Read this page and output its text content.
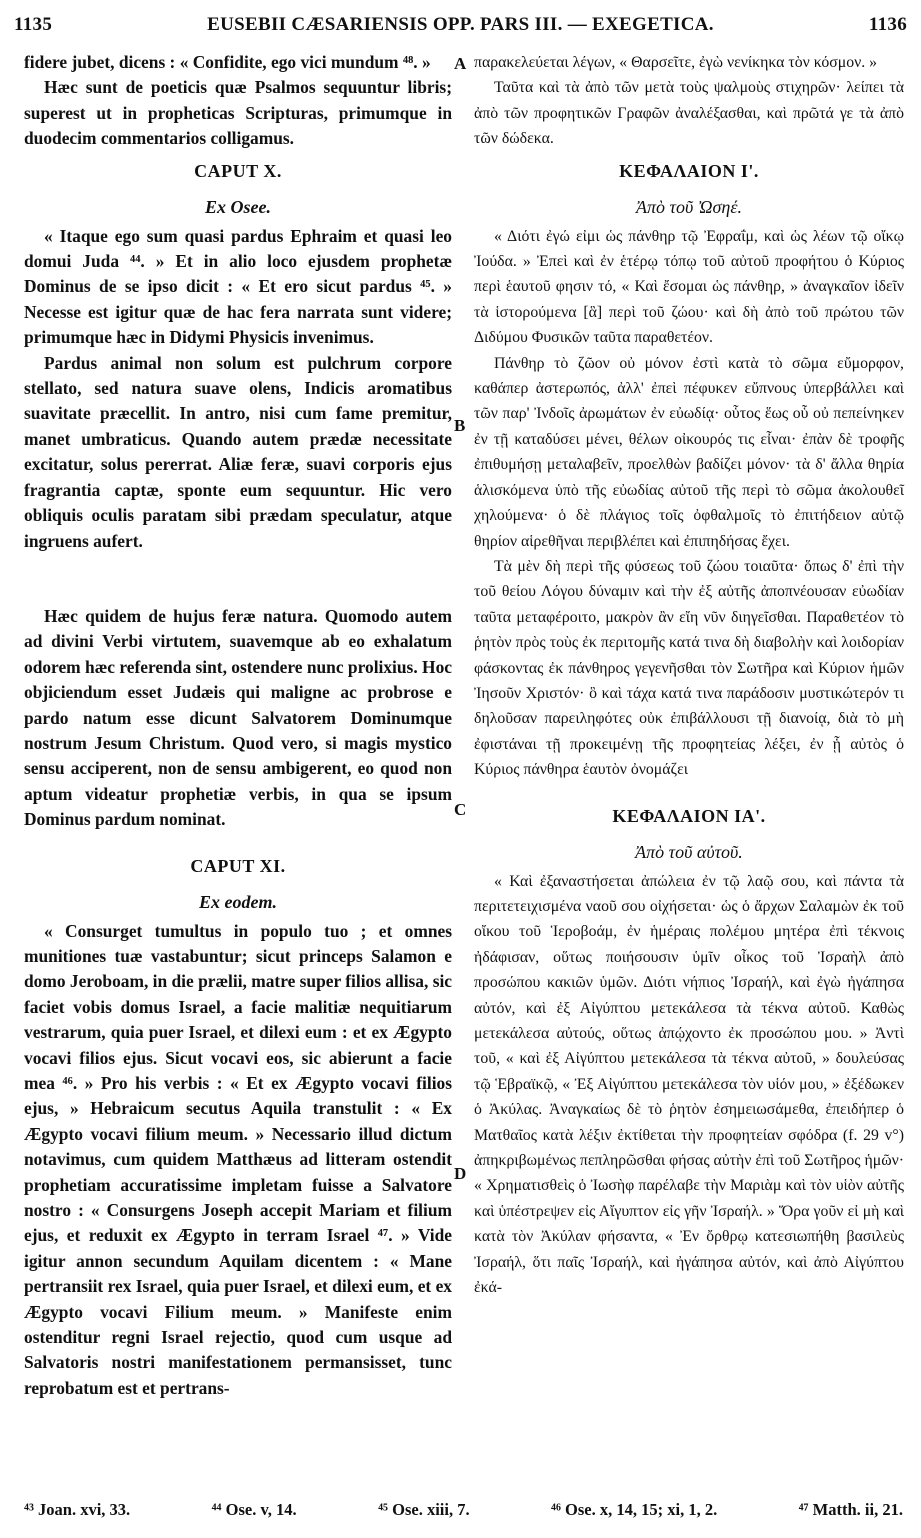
1135	EUSEBII CÆSARIENSIS OPP. PARS III. — EXEGETICA.	1136

fidere jubet, dicens : « Confidite, ego vici mundum ⁴⁸. »

Hæc sunt de poeticis quæ Psalmos sequuntur libris; superest ut in propheticas Scripturas, primumque in duodecim commentarios colligamus.

CAPUT X.
Ex Osee.

« Itaque ego sum quasi pardus Ephraim et quasi leo domui Juda ⁴⁴. » Et in alio loco ejusdem prophetæ Dominus de se ipso dicit : « Et ero sicut pardus ⁴⁵. » Necesse est igitur quæ de hac fera narrata sunt videre; primumque hæc in Didymi Physicis invenimus.

Pardus animal non solum est pulchrum corpore stellato, sed natura suave olens, Indicis aromatibus suavitate præcellit. In antro, nisi cum fame premitur, manet umbraticus. Quando autem prædæ necessitate excitatur, solus pererrat. Aliæ feræ, suavi corporis ejus fragrantia captæ, sponte eum sequuntur. Hic vero obliquis oculis paratam sibi prædam speculatur, atque ingruens aufert.

Hæc quidem de hujus feræ natura. Quomodo autem ad divini Verbi virtutem, suavemque ab eo exhalatum odorem hæc referenda sint, ostendere nunc prolixius. Hoc objiciendum esset Judæis qui maligne ac probrose e pardo natum esse dicunt Salvatorem Dominumque nostrum Jesum Christum. Quod vero, si magis mystico sensu acciperent, non de sensu ambigerent, eo quod non aptum videatur prophetiæ verbis, in qua se ipsum Dominus pardum nominat.

CAPUT XI.
Ex eodem.

« Consurget tumultus in populo tuo ; et omnes munitiones tuæ vastabuntur; sicut princeps Salamon e domo Jeroboam, in die prælii, matre super filios allisa, sic faciet vobis domus Israel, a facie malitiæ nequitiarum vestrarum, quia puer Israel, et dilexi eum : et ex Ægypto vocavi filios ejus. Sicut vocavi eos, sic abierunt a facie mea ⁴⁶. » Pro his verbis : « Et ex Ægypto vocavi filios ejus, » Hebraicum secutus Aquila transtulit : « Ex Ægypto vocavi filium meum. » Necessario illud dictum notavimus, cum quidem Matthæus ad litteram ostendit prophetiam accuratissime impletam fuisse a Salvatore nostro : « Consurgens Joseph accepit Mariam et filium ejus, et reduxit ex Ægypto in terram Israel ⁴⁷. » Vide igitur annon secundum Aquilam dicentem : « Mane pertransiit rex Israel, quia puer Israel, et dilexi eum, et ex Ægypto vocavi Filium meum. » Manifeste enim ostenditur regni Israel rejectio, quod cum usque ad Salvatoris nostri manifestationem permansisset, tunc reprobatum est et pertrans-

A
B
C
D

παρακελεύεται λέγων, « Θαρσεῖτε, ἐγὼ νενίκηκα τὸν κόσμον. »

Ταῦτα καὶ τὰ ἀπὸ τῶν μετὰ τοὺς ψαλμοὺς στιχηρῶν· λείπει τὰ ἀπὸ τῶν προφητικῶν Γραφῶν ἀναλέξασθαι, καὶ πρῶτά γε τὰ ἀπὸ τῶν δώδεκα.

ΚΕΦΑΛΑΙΟΝ Ι'.
Ἀπὸ τοῦ Ὠσηέ.

« Διότι ἐγώ εἰμι ὡς πάνθηρ τῷ Ἐφραΐμ, καὶ ὡς λέων τῷ οἴκῳ Ἰούδα. » Ἐπεὶ καὶ ἐν ἑτέρῳ τόπῳ τοῦ αὐτοῦ προφήτου ὁ Κύριος περὶ ἑαυτοῦ φησιν τό, « Καὶ ἔσομαι ὡς πάνθηρ, » ἀναγκαῖον ἰδεῖν τὰ ἱστορούμενα [ἃ] περὶ τοῦ ζώου· καὶ δὴ ἀπὸ τοῦ πρώτου τῶν Διδύμου Φυσικῶν ταῦτα παραθετέον.

Πάνθηρ τὸ ζῶον οὐ μόνον ἐστὶ κατὰ τὸ σῶμα εὔμορφον, καθάπερ ἀστερωπός, ἀλλ' ἐπεὶ πέφυκεν εὔπνους ὑπερβάλλει καὶ τῶν παρ' Ἰνδοῖς ἀρωμάτων ἐν εὐωδίᾳ· οὗτος ἕως οὗ οὐ πεπείνηκεν ἐν τῇ καταδύσει μένει, θέλων οἰκουρός τις εἶναι· ἐπὰν δὲ τροφῆς ἐπιθυμήσῃ μεταλαβεῖν, προελθὼν βαδίζει μόνον· τὰ δ' ἄλλα θηρία ἁλισκόμενα ὑπὸ τῆς εὐωδίας αὐτοῦ τῆς περὶ τὸ σῶμα ἀκολουθεῖ χηλούμενα· ὁ δὲ πλάγιος τοῖς ὀφθαλμοῖς τὸ ἐπιτήδειον αὐτῷ θηρίον αἱρεθῆναι περιβλέπει καὶ ἐπιπηδήσας ἔχει.

Τὰ μὲν δὴ περὶ τῆς φύσεως τοῦ ζώου τοιαῦτα· ὅπως δ' ἐπὶ τὴν τοῦ θείου Λόγου δύναμιν καὶ τὴν ἐξ αὐτῆς ἀποπνέουσαν εὐωδίαν ταῦτα μεταφέροιτο, μακρὸν ἂν εἴη νῦν διηγεῖσθαι. Παραθετέον τὸ ῥητὸν πρὸς τοὺς ἐκ περιτομῆς κατά τινα δὴ διαβολὴν καὶ λοιδορίαν φάσκοντας ἐκ πάνθηρος γεγενῆσθαι τὸν Σωτῆρα καὶ Κύριον ἡμῶν Ἰησοῦν Χριστόν· ὃ καὶ τάχα κατά τινα παράδοσιν μυστικώτερόν τι δηλοῦσαν παρειληφότες οὐκ ἐπιβάλλουσι τῇ διανοίᾳ, διὰ τὸ μὴ ἐφιστάναι τῇ προκειμένῃ τῆς προφητείας λέξει, ἐν ᾗ αὐτὸς ὁ Κύριος πάνθηρα ἑαυτὸν ὀνομάζει

ΚΕΦΑΛΑΙΟΝ ΙΑ'.
Ἀπὸ τοῦ αὐτοῦ.

« Καὶ ἐξαναστήσεται ἀπώλεια ἐν τῷ λαῷ σου, καὶ πάντα τὰ περιτετειχισμένα ναοῦ σου οἰχήσεται· ὡς ὁ ἄρχων Σαλαμὼν ἐκ τοῦ οἴκου τοῦ Ἱεροβοάμ, ἐν ἡμέραις πολέμου μητέρα ἐπὶ τέκνοις ἠδάφισαν, οὕτως ποιήσουσιν ὑμῖν οἶκος τοῦ Ἰσραὴλ ἀπὸ προσώπου κακιῶν ὑμῶν. Διότι νήπιος Ἰσραήλ, καὶ ἐγὼ ἠγάπησα αὐτόν, καὶ ἐξ Αἰγύπτου μετεκάλεσα τὰ τέκνα αὐτοῦ. Καθὼς μετεκάλεσα αὐτούς, οὕτως ἀπῴχοντο ἐκ προσώπου μου. » Ἀντὶ τοῦ, « καὶ ἐξ Αἰγύπτου μετεκάλεσα τὰ τέκνα αὐτοῦ, » δουλεύσας τῷ Ἑβραϊκῷ, « Ἐξ Αἰγύπτου μετεκάλεσα τὸν υἱόν μου, » ἐξέδωκεν ὁ Ἀκύλας. Ἀναγκαίως δὲ τὸ ῥητὸν ἐσημειωσάμεθα, ἐπειδήπερ ὁ Ματθαῖος κατὰ λέξιν ἐκτίθεται τὴν προφητείαν σφόδρα (f. 29 v°) ἀπηκριβωμένως πεπληρῶσθαι φήσας αὐτὴν ἐπὶ τοῦ Σωτῆρος ἡμῶν· « Χρηματισθεὶς ὁ Ἰωσὴφ παρέλαβε τὴν Μαριὰμ καὶ τὸν υἱὸν αὐτῆς καὶ ὑπέστρεψεν εἰς Αἴγυπτον εἰς γῆν Ἰσραήλ. » Ὅρα γοῦν εἰ μὴ καὶ κατὰ τὸν Ἀκύλαν φήσαντα, « Ἐν ὄρθρῳ κατεσιωπήθη βασιλεὺς Ἰσραήλ, ὅτι παῖς Ἰσραήλ, καὶ ἠγάπησα αὐτόν, καὶ ἀπὸ Αἰγύπτου ἐκά-

⁴³ Joan. xvi, 33.	⁴⁴ Ose. v, 14.	⁴⁵ Ose. xiii, 7.	⁴⁶ Ose. x, 14, 15; xi, 1, 2.	⁴⁷ Matth. ii, 21.
